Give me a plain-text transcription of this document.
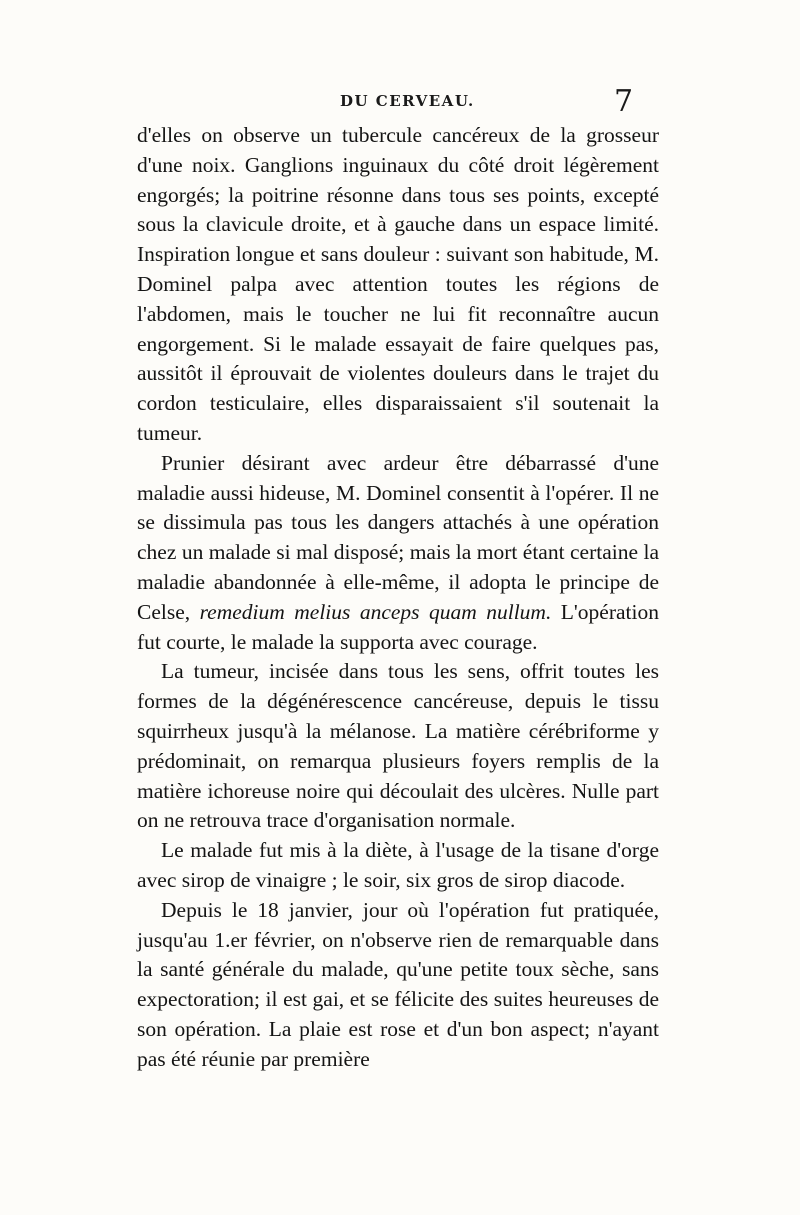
DU CERVEAU.	7

d'elles on observe un tubercule cancéreux de la grosseur d'une noix. Ganglions inguinaux du côté droit légèrement engorgés; la poitrine résonne dans tous ses points, excepté sous la clavicule droite, et à gauche dans un espace limité. Inspiration longue et sans douleur : suivant son habitude, M. Dominel palpa avec attention toutes les régions de l'abdomen, mais le toucher ne lui fit reconnaître aucun engorgement. Si le malade essayait de faire quelques pas, aussitôt il éprouvait de violentes douleurs dans le trajet du cordon testiculaire, elles disparaissaient s'il soutenait la tumeur.

Prunier désirant avec ardeur être débarrassé d'une maladie aussi hideuse, M. Dominel consentit à l'opérer. Il ne se dissimula pas tous les dangers attachés à une opération chez un malade si mal disposé; mais la mort étant certaine la maladie abandonnée à elle-même, il adopta le principe de Celse, remedium melius anceps quam nullum. L'opération fut courte, le malade la supporta avec courage.

La tumeur, incisée dans tous les sens, offrit toutes les formes de la dégénérescence cancéreuse, depuis le tissu squirrheux jusqu'à la mélanose. La matière cérébriforme y prédominait, on remarqua plusieurs foyers remplis de la matière ichoreuse noire qui découlait des ulcères. Nulle part on ne retrouva trace d'organisation normale.

Le malade fut mis à la diète, à l'usage de la tisane d'orge avec sirop de vinaigre ; le soir, six gros de sirop diacode.

Depuis le 18 janvier, jour où l'opération fut pratiquée, jusqu'au 1.er février, on n'observe rien de remarquable dans la santé générale du malade, qu'une petite toux sèche, sans expectoration; il est gai, et se félicite des suites heureuses de son opération. La plaie est rose et d'un bon aspect; n'ayant pas été réunie par première
